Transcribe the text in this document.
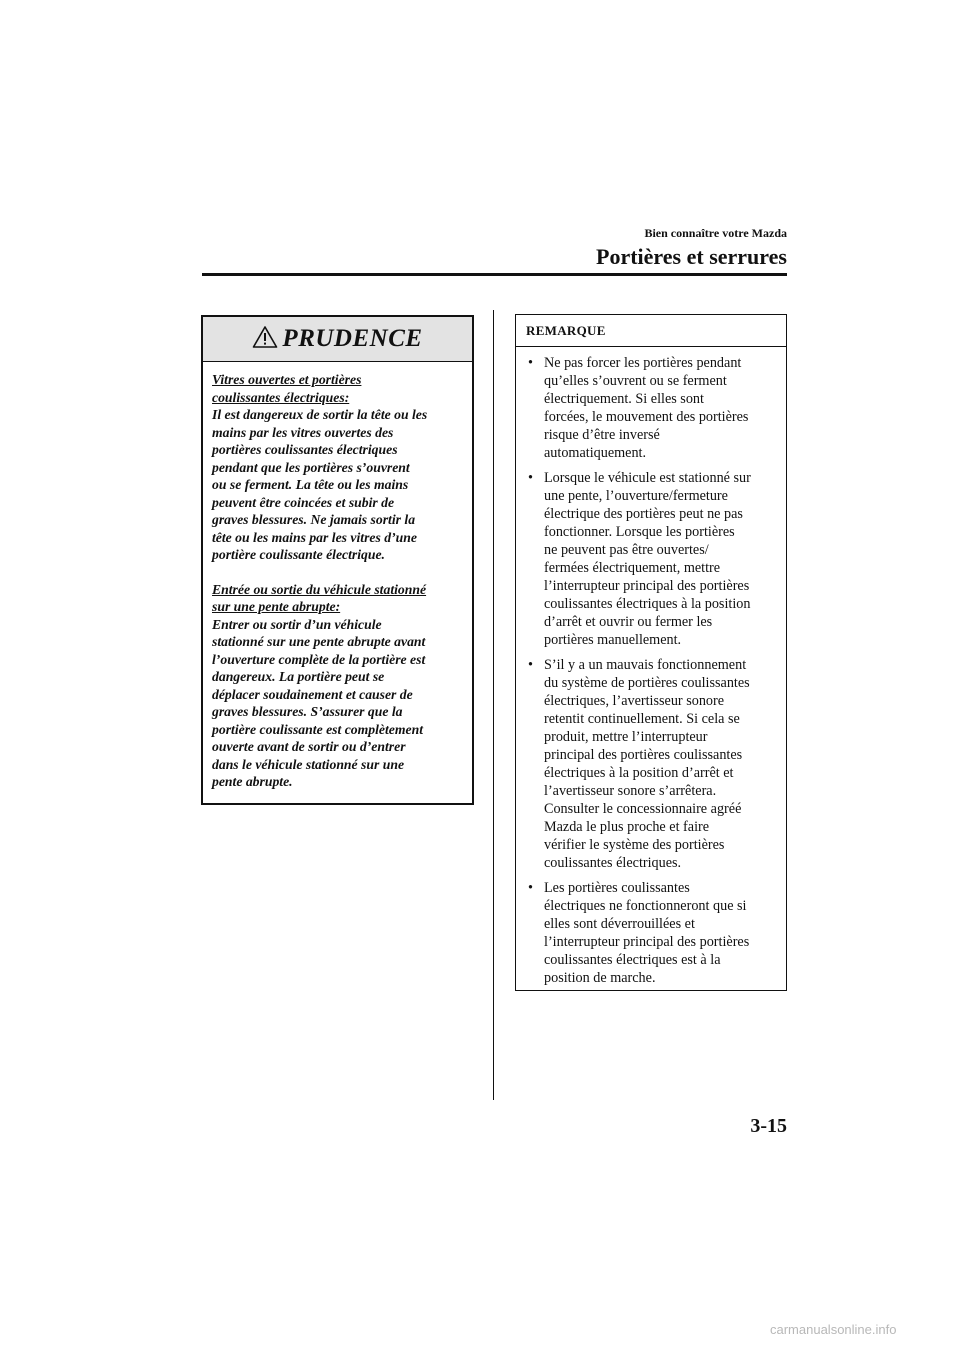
Bien connaître votre Mazda
Portières et serrures
PRUDENCE
Vitres ouvertes et portières
coulissantes électriques:
Il est dangereux de sortir la tête ou les
mains par les vitres ouvertes des
portières coulissantes électriques
pendant que les portières s’ouvrent
ou se ferment. La tête ou les mains
peuvent être coincées et subir de
graves blessures. Ne jamais sortir la
tête ou les mains par les vitres d’une
portière coulissante électrique.
Entrée ou sortie du véhicule stationné
sur une pente abrupte:
Entrer ou sortir d’un véhicule
stationné sur une pente abrupte avant
l’ouverture complète de la portière est
dangereux. La portière peut se
déplacer soudainement et causer de
graves blessures. S’assurer que la
portière coulissante est complètement
ouverte avant de sortir ou d’entrer
dans le véhicule stationné sur une
pente abrupte.
REMARQUE
• Ne pas forcer les portières pendant
qu’elles s’ouvrent ou se ferment
électriquement. Si elles sont
forcées, le mouvement des portières
risque d’être inversé
automatiquement.
• Lorsque le véhicule est stationné sur
une pente, l’ouverture/fermeture
électrique des portières peut ne pas
fonctionner. Lorsque les portières
ne peuvent pas être ouvertes/
fermées électriquement, mettre
l’interrupteur principal des portières
coulissantes électriques à la position
d’arrêt et ouvrir ou fermer les
portières manuellement.
• S’il y a un mauvais fonctionnement
du système de portières coulissantes
électriques, l’avertisseur sonore
retentit continuellement. Si cela se
produit, mettre l’interrupteur
principal des portières coulissantes
électriques à la position d’arrêt et
l’avertisseur sonore s’arrêtera.
Consulter le concessionnaire agréé
Mazda le plus proche et faire
vérifier le système des portières
coulissantes électriques.
• Les portières coulissantes
électriques ne fonctionneront que si
elles sont déverrouillées et
l’interrupteur principal des portières
coulissantes électriques est à la
position de marche.
3-15
carmanualsonline.info
